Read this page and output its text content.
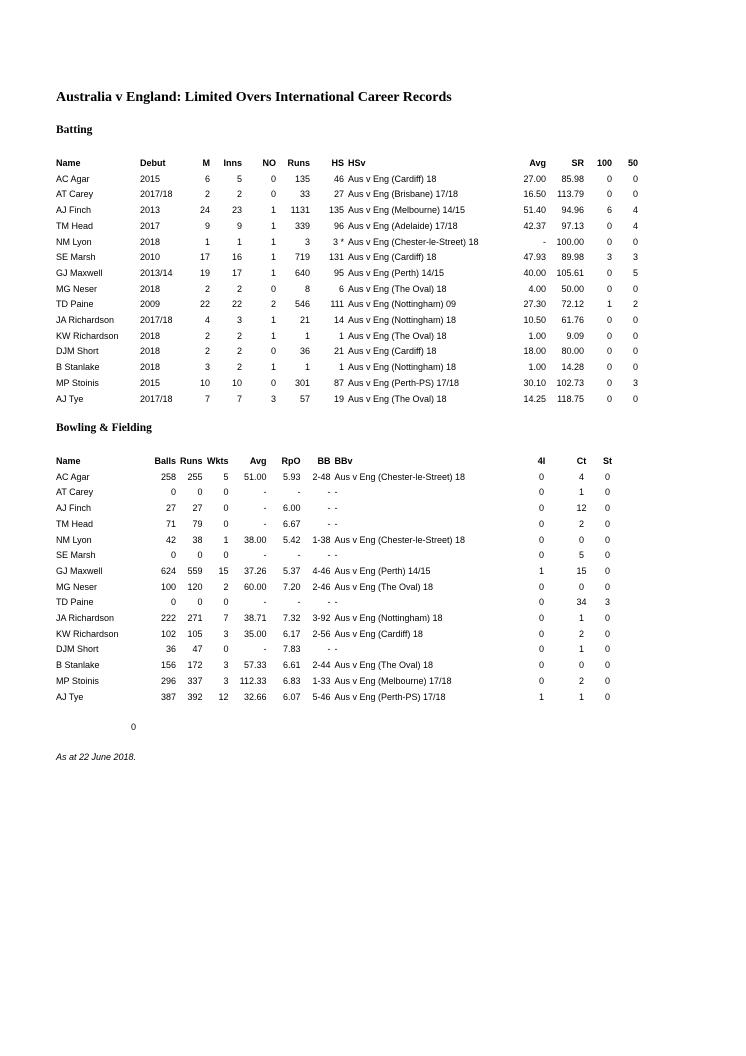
Australia v England: Limited Overs International Career Records
Batting
Name	Debut	M	Inns	NO	Runs	HS	HSv	Avg	SR	100	50
AC Agar	2015	6	5	0	135	46	Aus v Eng (Cardiff) 18	27.00	85.98	0	0
AT Carey	2017/18	2	2	0	33	27	Aus v Eng (Brisbane) 17/18	16.50	113.79	0	0
AJ Finch	2013	24	23	1	1131	135	Aus v Eng (Melbourne) 14/15	51.40	94.96	6	4
TM Head	2017	9	9	1	339	96	Aus v Eng (Adelaide) 17/18	42.37	97.13	0	4
NM Lyon	2018	1	1	1	3	3 *	Aus v Eng (Chester-le-Street) 18	-	100.00	0	0
SE Marsh	2010	17	16	1	719	131	Aus v Eng (Cardiff) 18	47.93	89.98	3	3
GJ Maxwell	2013/14	19	17	1	640	95	Aus v Eng (Perth) 14/15	40.00	105.61	0	5
MG Neser	2018	2	2	0	8	6	Aus v Eng (The Oval) 18	4.00	50.00	0	0
TD Paine	2009	22	22	2	546	111	Aus v Eng (Nottingham) 09	27.30	72.12	1	2
JA Richardson	2017/18	4	3	1	21	14	Aus v Eng (Nottingham) 18	10.50	61.76	0	0
KW Richardson	2018	2	2	1	1	1	Aus v Eng (The Oval) 18	1.00	9.09	0	0
DJM Short	2018	2	2	0	36	21	Aus v Eng (Cardiff) 18	18.00	80.00	0	0
B Stanlake	2018	3	2	1	1	1	Aus v Eng (Nottingham) 18	1.00	14.28	0	0
MP Stoinis	2015	10	10	0	301	87	Aus v Eng (Perth-PS) 17/18	30.10	102.73	0	3
AJ Tye	2017/18	7	7	3	57	19	Aus v Eng (The Oval) 18	14.25	118.75	0	0
Bowling & Fielding
Name	Balls	Runs	Wkts	Avg	RpO	BB	BBv	4I	Ct	St
AC Agar	258	255	5	51.00	5.93	2-48	Aus v Eng (Chester-le-Street) 18	0	4	0
AT Carey	0	0	0	-	-	-	-	0	1	0
AJ Finch	27	27	0	-	6.00	-	-	0	12	0
TM Head	71	79	0	-	6.67	-	-	0	2	0
NM Lyon	42	38	1	38.00	5.42	1-38	Aus v Eng (Chester-le-Street) 18	0	0	0
SE Marsh	0	0	0	-	-	-	-	0	5	0
GJ Maxwell	624	559	15	37.26	5.37	4-46	Aus v Eng (Perth) 14/15	1	15	0
MG Neser	100	120	2	60.00	7.20	2-46	Aus v Eng (The Oval) 18	0	0	0
TD Paine	0	0	0	-	-	-	-	0	34	3
JA Richardson	222	271	7	38.71	7.32	3-92	Aus v Eng (Nottingham) 18	0	1	0
KW Richardson	102	105	3	35.00	6.17	2-56	Aus v Eng (Cardiff) 18	0	2	0
DJM Short	36	47	0	-	7.83	-	-	0	1	0
B Stanlake	156	172	3	57.33	6.61	2-44	Aus v Eng (The Oval) 18	0	0	0
MP Stoinis	296	337	3	112.33	6.83	1-33	Aus v Eng (Melbourne) 17/18	0	2	0
AJ Tye	387	392	12	32.66	6.07	5-46	Aus v Eng (Perth-PS) 17/18	1	1	0
0
As at 22 June 2018.
